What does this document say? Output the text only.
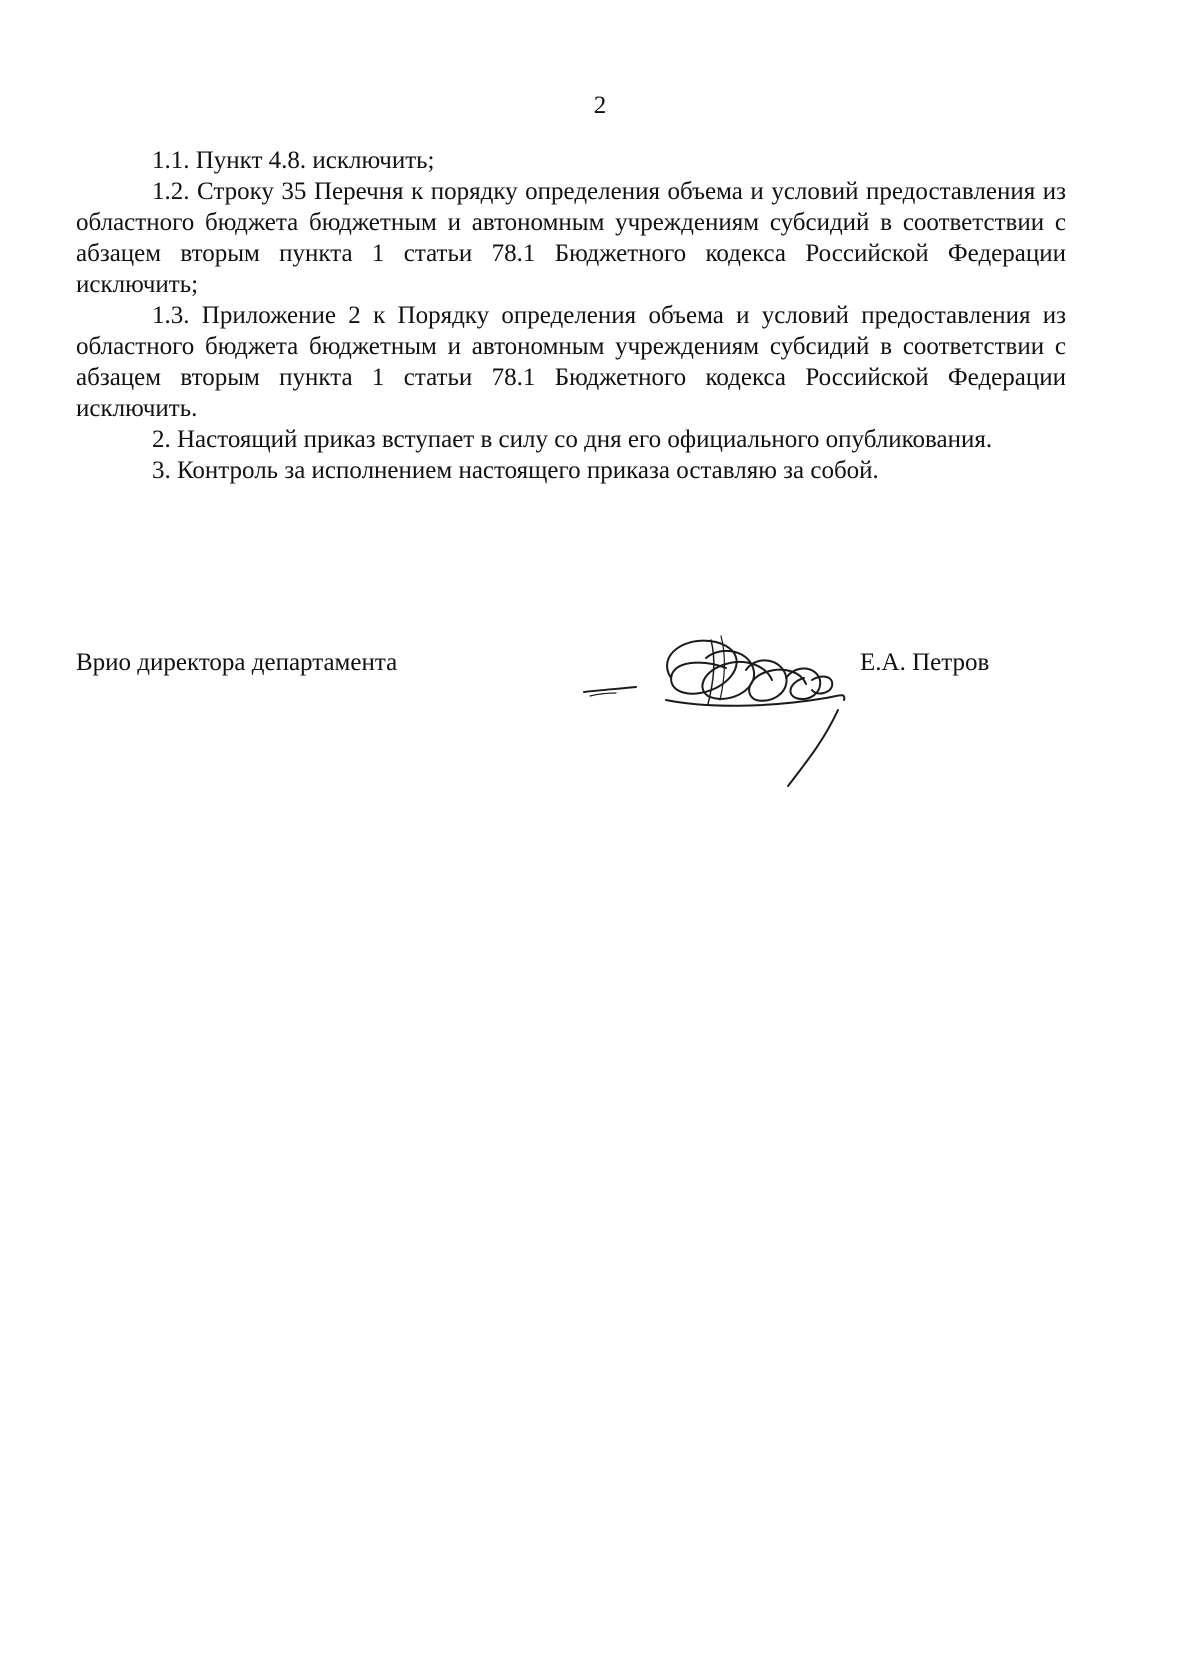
2

1.1. Пункт 4.8. исключить;

1.2. Строку 35 Перечня к порядку определения объема и условий предоставления из областного бюджета бюджетным и автономным учреждениям субсидий в соответствии с абзацем вторым пункта 1 статьи 78.1 Бюджетного кодекса Российской Федерации исключить;

1.3. Приложение 2 к Порядку определения объема и условий предоставления из областного бюджета бюджетным и автономным учреждениям субсидий в соответствии с абзацем вторым пункта 1 статьи 78.1 Бюджетного кодекса Российской Федерации исключить.

2. Настоящий приказ вступает в силу со дня его официального опубликования.

3. Контроль за исполнением настоящего приказа оставляю за собой.

Врио директора департамента	Е.А. Петров
